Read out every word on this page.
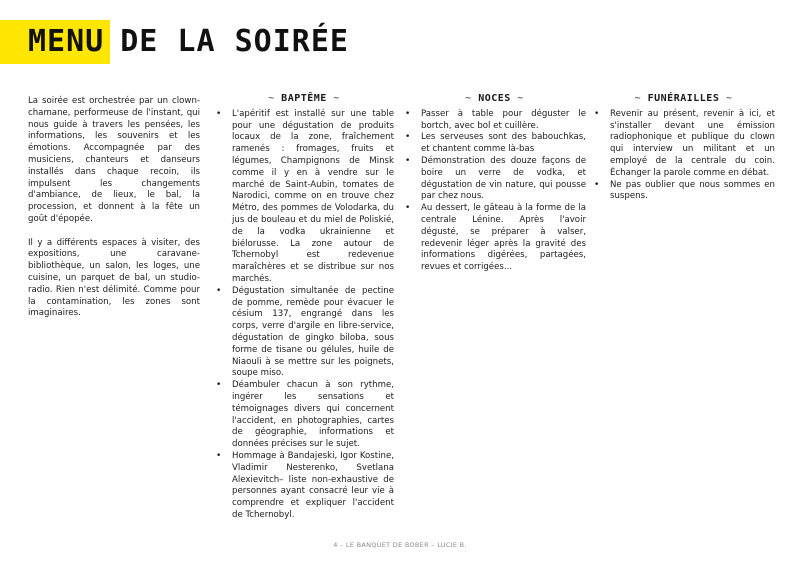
MENU DE LA SOIRÉE

La soirée est orchestrée par un clown-chamane, performeuse de l'instant, qui nous guide à travers les pensées, les informations, les souvenirs et les émotions. Accompagnée par des musiciens, chanteurs et danseurs installés dans chaque recoin, ils impulsent les changements d'ambiance, de lieux, le bal, la procession, et donnent à la fête un goût d'épopée.

Il y a différents espaces à visiter, des expositions, une caravane-bibliothèque, un salon, les loges, une cuisine, un parquet de bal, un studio-radio. Rien n'est délimité. Comme pour la contamination, les zones sont imaginaires.

~ BAPTÊME ~
• L'apéritif est installé sur une table pour une dégustation de produits locaux de la zone, fraîchement ramenés : fromages, fruits et légumes, Champignons de Minsk comme il y en à vendre sur le marché de Saint-Aubin, tomates de Narodici, comme on en trouve chez Métro, des pommes de Volodarka, du jus de bouleau et du miel de Poliskié, de la vodka ukrainienne et biélorusse. La zone autour de Tchernobyl est redevenue maraîchères et se distribue sur nos marchés.
• Dégustation simultanée de pectine de pomme, remède pour évacuer le césium 137, engrangé dans les corps, verre d'argile en libre-service, dégustation de gingko biloba, sous forme de tisane ou gélules, huile de Niaouli à se mettre sur les poignets, soupe miso.
• Déambuler chacun à son rythme, ingérer les sensations et témoignages divers qui concernent l'accident, en photographies, cartes de géographie, informations et données précises sur le sujet.
• Hommage à Bandajeski, Igor Kostine, Vladimir Nesterenko, Svetlana Alexievitch– liste non-exhaustive de personnes ayant consacré leur vie à comprendre et expliquer l'accident de Tchernobyl.
~ NOCES ~
• Passer à table pour déguster le bortch, avec bol et cuillère.
• Les serveuses sont des babouchkas, et chantent comme là-bas
• Démonstration des douze façons de boire un verre de vodka, et dégustation de vin nature, qui pousse par chez nous.
• Au dessert, le gâteau à la forme de la centrale Lénine. Après l'avoir dégusté, se préparer à valser, redevenir léger après la gravité des informations digérées, partagées, revues et corrigées...
~ FUNÉRAILLES ~
• Revenir au présent, revenir à ici, et s'installer devant une émission radiophonique et publique du clown qui interview un militant et un employé de la centrale du coin. Échanger la parole comme en débat.
• Ne pas oublier que nous sommes en suspens.
4 – LE BANQUET DE BOBER – LUCIE B.
